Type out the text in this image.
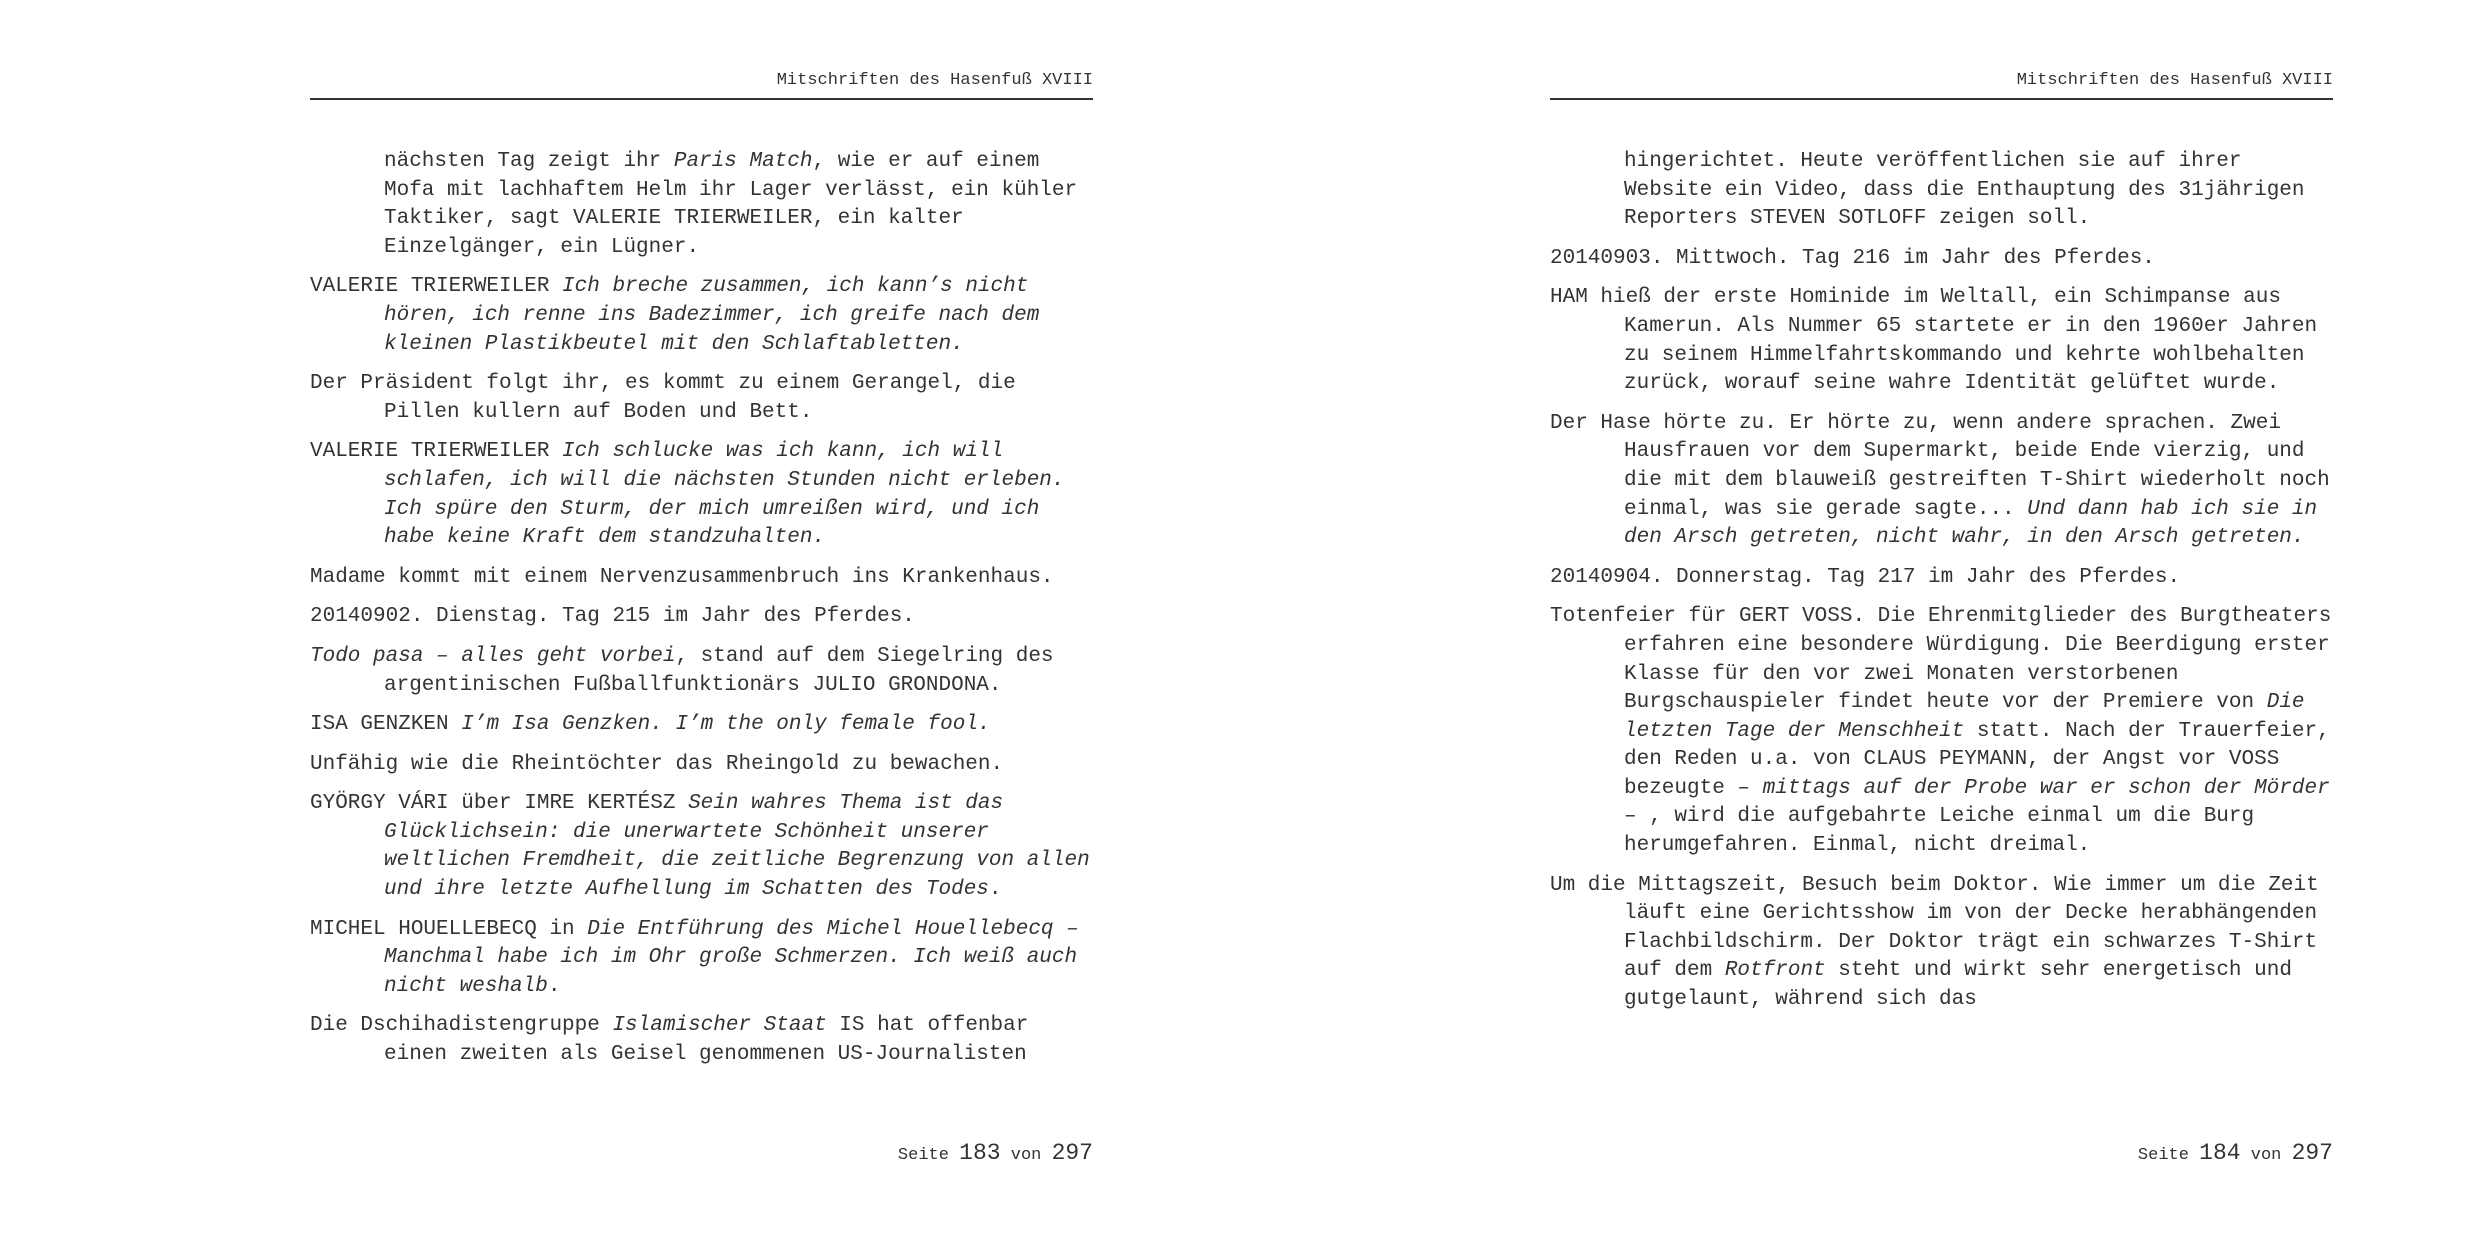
Mitschriften des Hasenfuß XVIII

nächsten Tag zeigt ihr Paris Match, wie er auf einem Mofa mit lachhaftem Helm ihr Lager verlässt, ein kühler Taktiker, sagt VALERIE TRIERWEILER, ein kalter Einzelgänger, ein Lügner.

VALERIE TRIERWEILER Ich breche zusammen, ich kann’s nicht hören, ich renne ins Badezimmer, ich greife nach dem kleinen Plastikbeutel mit den Schlaftabletten.

Der Präsident folgt ihr, es kommt zu einem Gerangel, die Pillen kullern auf Boden und Bett.

VALERIE TRIERWEILER Ich schlucke was ich kann, ich will schlafen, ich will die nächsten Stunden nicht erleben. Ich spüre den Sturm, der mich umreißen wird, und ich habe keine Kraft dem standzuhalten.

Madame kommt mit einem Nervenzusammenbruch ins Krankenhaus.

20140902. Dienstag. Tag 215 im Jahr des Pferdes.

Todo pasa – alles geht vorbei, stand auf dem Siegelring des argentinischen Fußballfunktionärs JULIO GRONDONA.

ISA GENZKEN I’m Isa Genzken. I’m the only female fool.

Unfähig wie die Rheintöchter das Rheingold zu bewachen.

GYÖRGY VÁRI über IMRE KERTÉSZ Sein wahres Thema ist das Glücklichsein: die unerwartete Schönheit unserer weltlichen Fremdheit, die zeitliche Begrenzung von allen und ihre letzte Aufhellung im Schatten des Todes.

MICHEL HOUELLEBECQ in Die Entführung des Michel Houellebecq – Manchmal habe ich im Ohr große Schmerzen. Ich weiß auch nicht weshalb.

Die Dschihadistengruppe Islamischer Staat IS hat offenbar einen zweiten als Geisel genommenen US-Journalisten

Seite 183 von 297
Mitschriften des Hasenfuß XVIII

hingerichtet. Heute veröffentlichen sie auf ihrer Website ein Video, dass die Enthauptung des 31jährigen Reporters STEVEN SOTLOFF zeigen soll.

20140903. Mittwoch. Tag 216 im Jahr des Pferdes.

HAM hieß der erste Hominide im Weltall, ein Schimpanse aus Kamerun. Als Nummer 65 startete er in den 1960er Jahren zu seinem Himmelfahrtskommando und kehrte wohlbehalten zurück, worauf seine wahre Identität gelüftet wurde.

Der Hase hörte zu. Er hörte zu, wenn andere sprachen. Zwei Hausfrauen vor dem Supermarkt, beide Ende vierzig, und die mit dem blauweiß gestreiften T-Shirt wiederholt noch einmal, was sie gerade sagte... Und dann hab ich sie in den Arsch getreten, nicht wahr, in den Arsch getreten.

20140904. Donnerstag. Tag 217 im Jahr des Pferdes.

Totenfeier für GERT VOSS. Die Ehrenmitglieder des Burgtheaters erfahren eine besondere Würdigung. Die Beerdigung erster Klasse für den vor zwei Monaten verstorbenen Burgschauspieler findet heute vor der Premiere von Die letzten Tage der Menschheit statt. Nach der Trauerfeier, den Reden u.a. von CLAUS PEYMANN, der Angst vor VOSS bezeugte – mittags auf der Probe war er schon der Mörder – , wird die aufgebahrte Leiche einmal um die Burg herumgefahren. Einmal, nicht dreimal.

Um die Mittagszeit, Besuch beim Doktor. Wie immer um die Zeit läuft eine Gerichtsshow im von der Decke herabhängenden Flachbildschirm. Der Doktor trägt ein schwarzes T-Shirt auf dem Rotfront steht und wirkt sehr energetisch und gutgelaunt, während sich das

Seite 184 von 297
